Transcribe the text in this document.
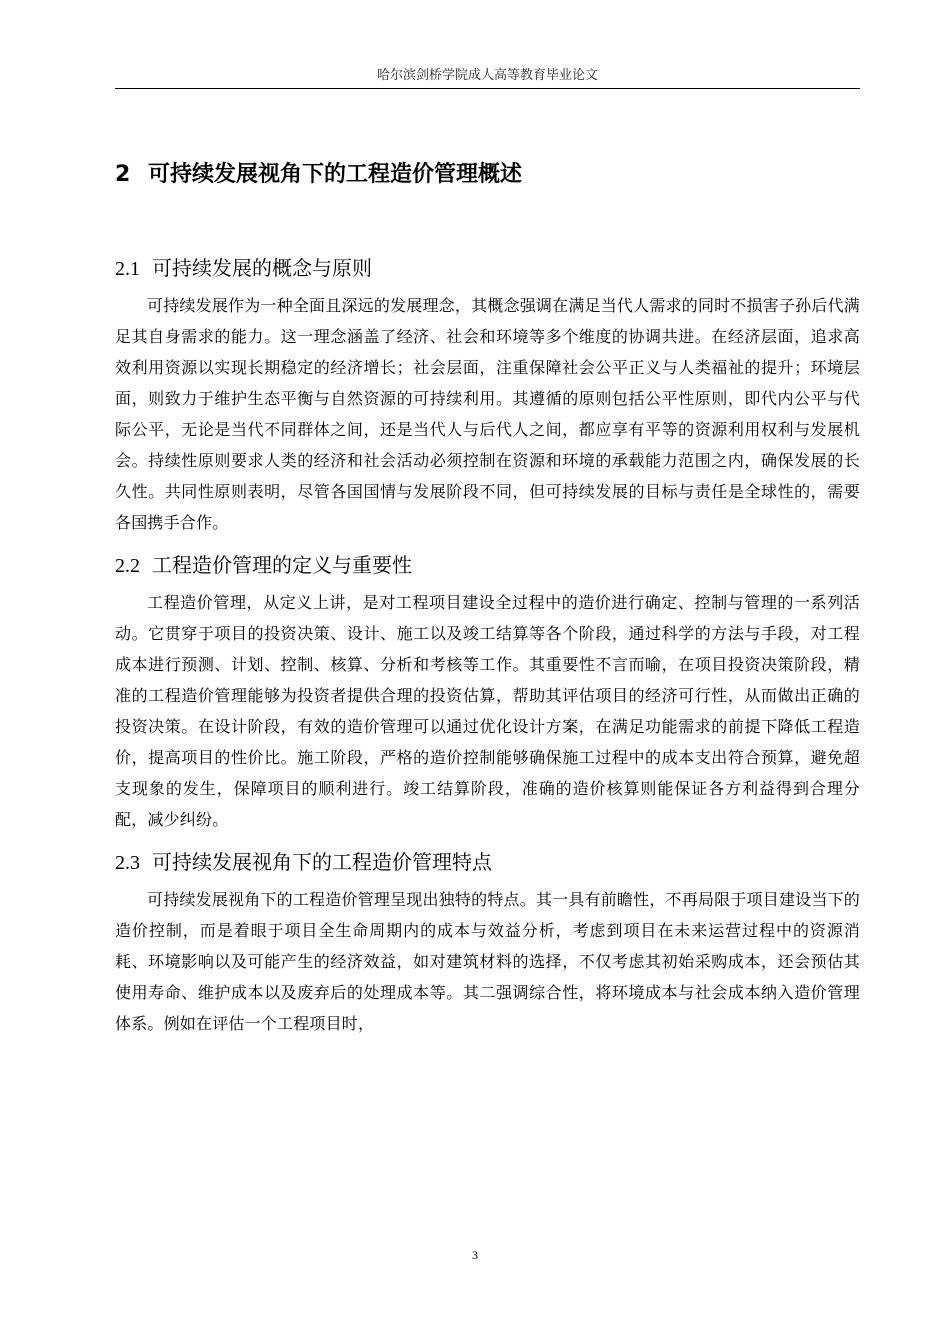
哈尔滨剑桥学院成人高等教育毕业论文
2 可持续发展视角下的工程造价管理概述
2.1 可持续发展的概念与原则

可持续发展作为一种全面且深远的发展理念，其概念强调在满足当代人需求的同时不损害子孙后代满足其自身需求的能力。这一理念涵盖了经济、社会和环境等多个维度的协调共进。在经济层面，追求高效利用资源以实现长期稳定的经济增长；社会层面，注重保障社会公平正义与人类福祉的提升；环境层面，则致力于维护生态平衡与自然资源的可持续利用。其遵循的原则包括公平性原则，即代内公平与代际公平，无论是当代不同群体之间，还是当代人与后代人之间，都应享有平等的资源利用权利与发展机会。持续性原则要求人类的经济和社会活动必须控制在资源和环境的承载能力范围之内，确保发展的长久性。共同性原则表明，尽管各国国情与发展阶段不同，但可持续发展的目标与责任是全球性的，需要各国携手合作。

2.2 工程造价管理的定义与重要性

工程造价管理，从定义上讲，是对工程项目建设全过程中的造价进行确定、控制与管理的一系列活动。它贯穿于项目的投资决策、设计、施工以及竣工结算等各个阶段，通过科学的方法与手段，对工程成本进行预测、计划、控制、核算、分析和考核等工作。其重要性不言而喻，在项目投资决策阶段，精准的工程造价管理能够为投资者提供合理的投资估算，帮助其评估项目的经济可行性，从而做出正确的投资决策。在设计阶段，有效的造价管理可以通过优化设计方案，在满足功能需求的前提下降低工程造价，提高项目的性价比。施工阶段，严格的造价控制能够确保施工过程中的成本支出符合预算，避免超支现象的发生，保障项目的顺利进行。竣工结算阶段，准确的造价核算则能保证各方利益得到合理分配，减少纠纷。

2.3 可持续发展视角下的工程造价管理特点

可持续发展视角下的工程造价管理呈现出独特的特点。其一具有前瞻性，不再局限于项目建设当下的造价控制，而是着眼于项目全生命周期内的成本与效益分析，考虑到项目在未来运营过程中的资源消耗、环境影响以及可能产生的经济效益，如对建筑材料的选择，不仅考虑其初始采购成本，还会预估其使用寿命、维护成本以及废弃后的处理成本等。其二强调综合性，将环境成本与社会成本纳入造价管理体系。例如在评估一个工程项目时，

3
